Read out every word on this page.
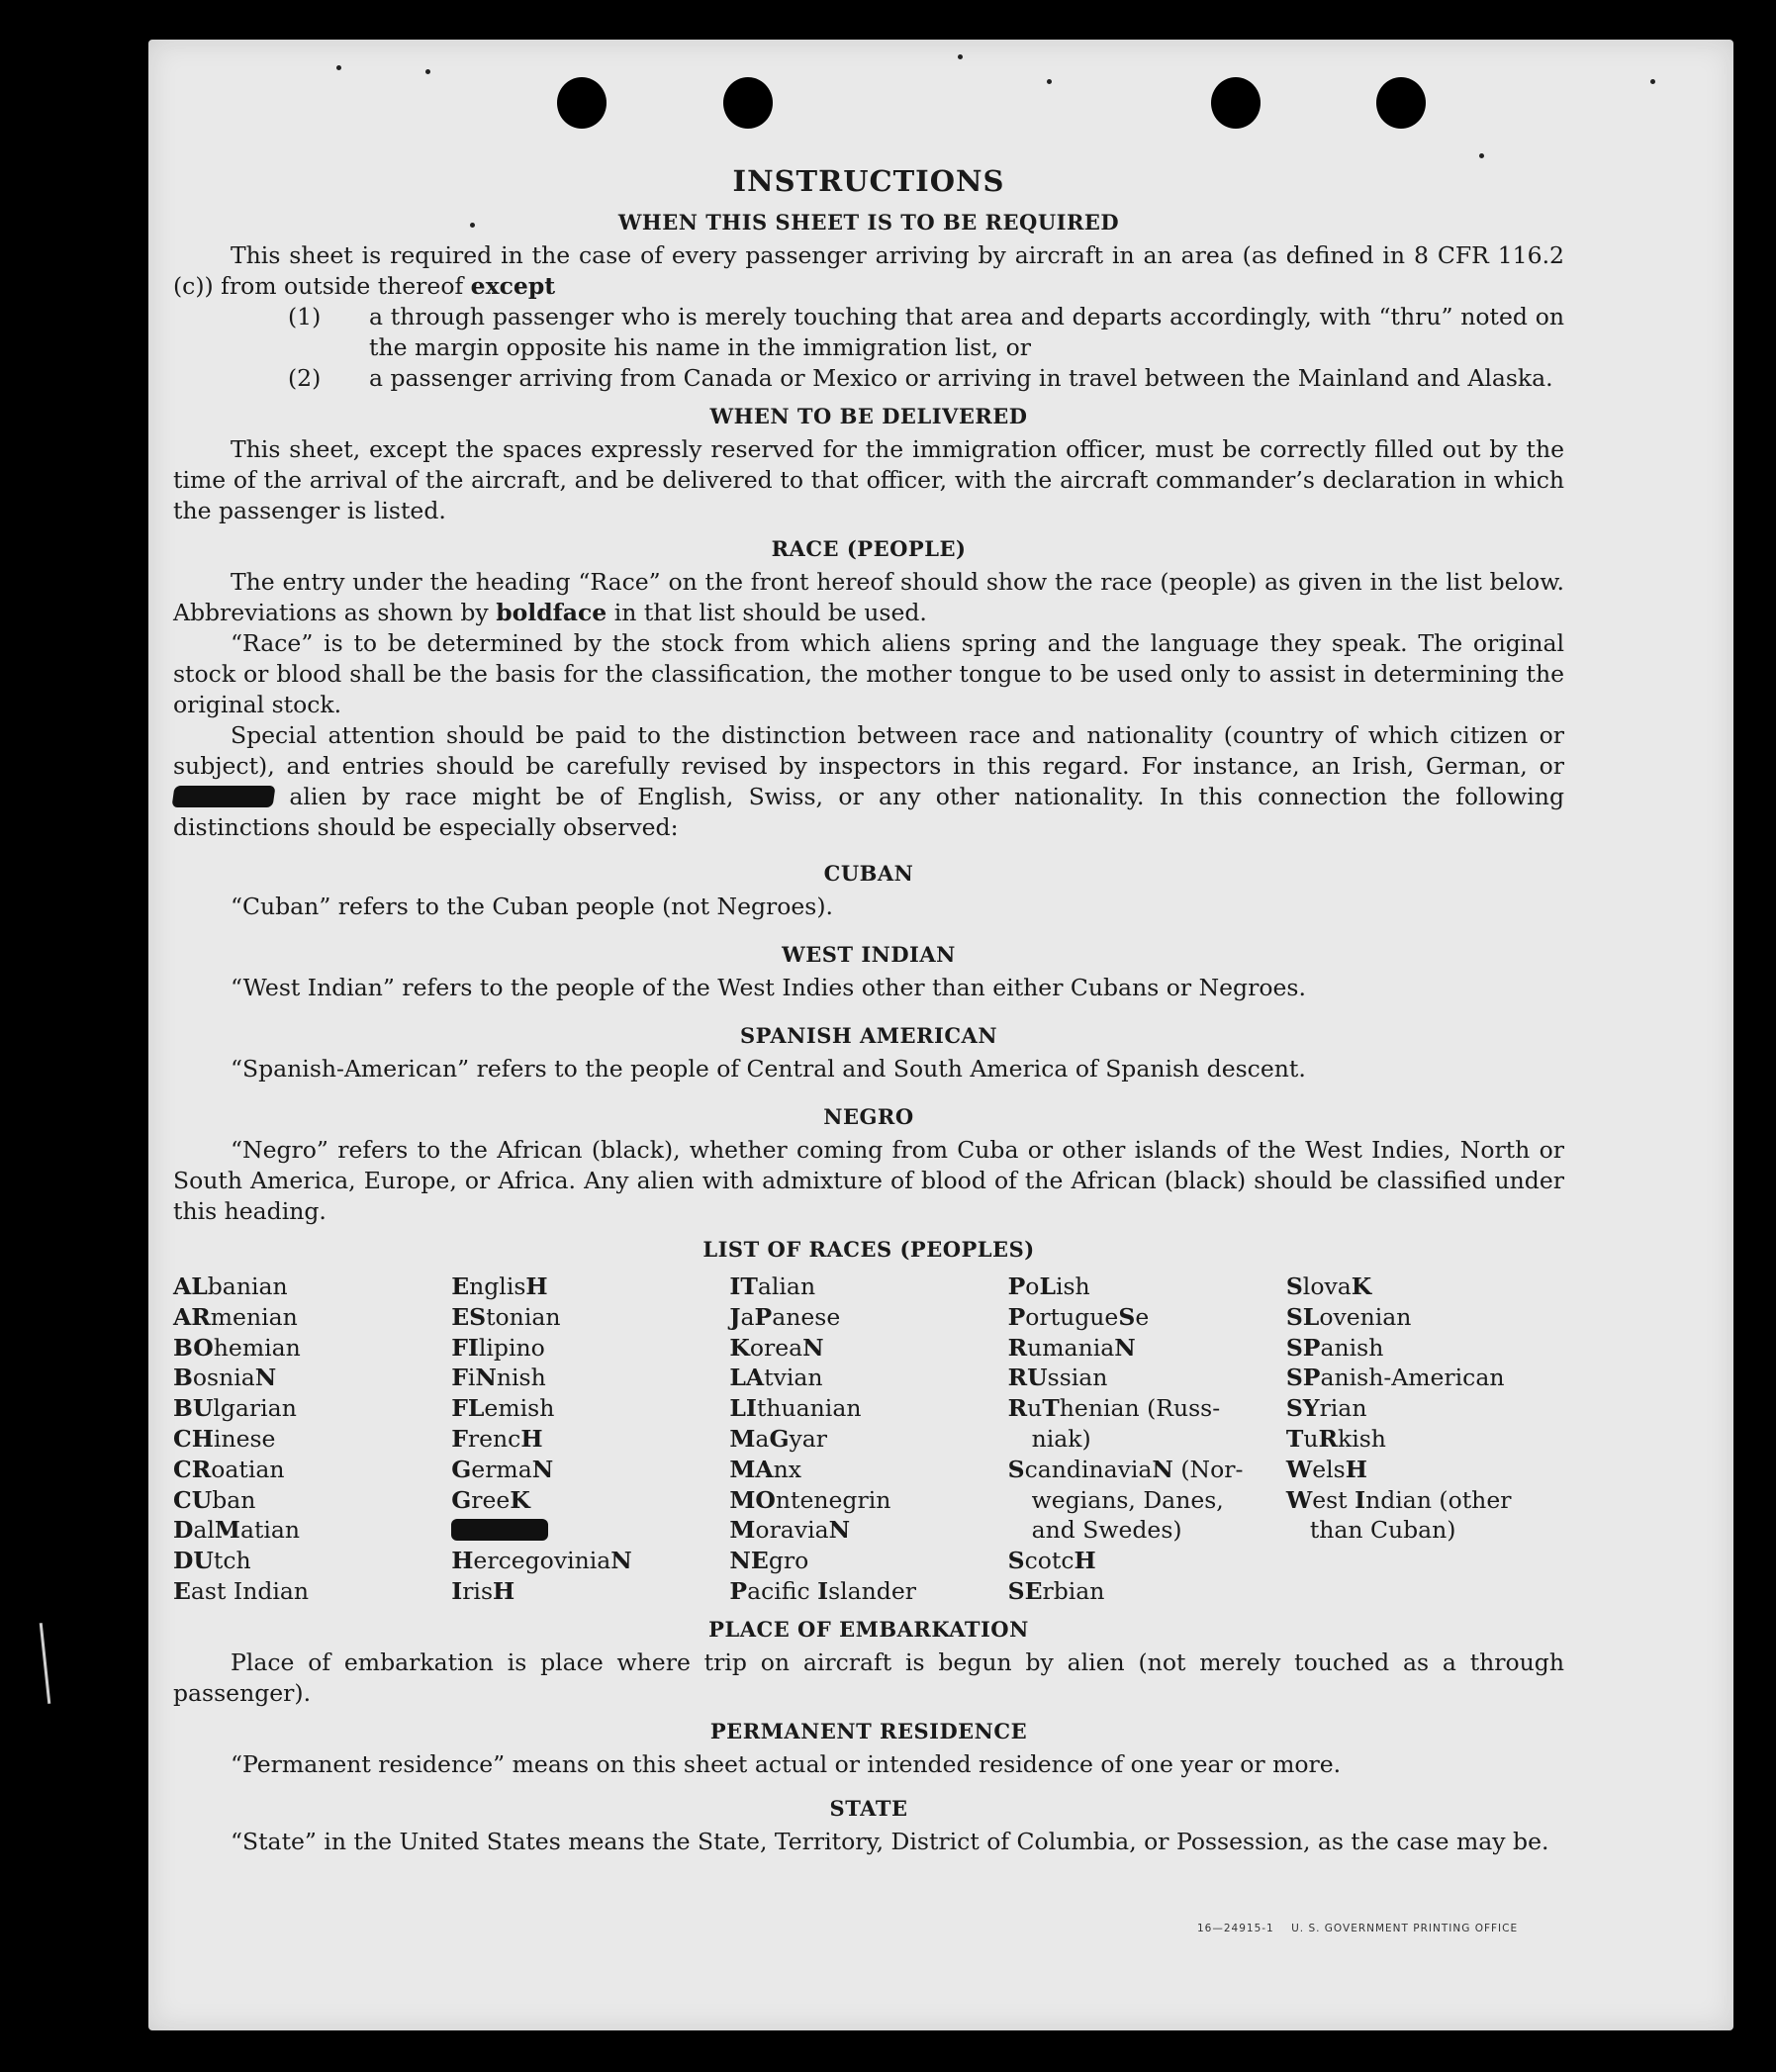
INSTRUCTIONS
WHEN THIS SHEET IS TO BE REQUIRED

This sheet is required in the case of every passenger arriving by aircraft in an area (as defined in 8 CFR 116.2 (c)) from outside thereof except

(1) a through passenger who is merely touching that area and departs accordingly, with “thru” noted on the margin opposite his name in the immigration list, or

(2) a passenger arriving from Canada or Mexico or arriving in travel between the Mainland and Alaska.

WHEN TO BE DELIVERED

This sheet, except the spaces expressly reserved for the immigration officer, must be correctly filled out by the time of the arrival of the aircraft, and be delivered to that officer, with the aircraft commander’s declaration in which the passenger is listed.

RACE (PEOPLE)

The entry under the heading “Race” on the front hereof should show the race (people) as given in the list below. Abbreviations as shown by boldface in that list should be used.

“Race” is to be determined by the stock from which aliens spring and the language they speak. The original stock or blood shall be the basis for the classification, the mother tongue to be used only to assist in determining the original stock.

Special attention should be paid to the distinction between race and nationality (country of which citizen or subject), and entries should be carefully revised by inspectors in this regard. For instance, an Irish, German, or  alien by race might be of English, Swiss, or any other nationality. In this connection the following distinctions should be especially observed:

CUBAN

“Cuban” refers to the Cuban people (not Negroes).

WEST INDIAN

“West Indian” refers to the people of the West Indies other than either Cubans or Negroes.

SPANISH AMERICAN

“Spanish-American” refers to the people of Central and South America of Spanish descent.

NEGRO

“Negro” refers to the African (black), whether coming from Cuba or other islands of the West Indies, North or South America, Europe, or Africa. Any alien with admixture of blood of the African (black) should be classified under this heading.

LIST OF RACES (PEOPLES)
ALbanian
ARmenian
BOhemian
BosniaN
BUlgarian
CHinese
CRoatian
CUban
DalMatian
DUtch
East Indian
EnglisH
EStonian
FIlipino
FiNnish
FLemish
FrencH
GermaN
GreeK
HercegoviniaN
IrisH
ITalian
JaPanese
KoreaN
LAtvian
LIthuanian
MaGyar
MAnx
MOntenegrin
MoraviaN
NEgro
Pacific Islander
PoLish
PortugueSe
RumaniaN
RUssian
RuThenian (Russ-
niak)
ScandinaviaN (Nor-
wegians, Danes,
and Swedes)
ScotcH
SErbian
SlovaK
SLovenian
SPanish
SPanish-American
SYrian
TuRkish
WelsH
West Indian (other
than Cuban)
PLACE OF EMBARKATION

Place of embarkation is place where trip on aircraft is begun by alien (not merely touched as a through passenger).

PERMANENT RESIDENCE

“Permanent residence” means on this sheet actual or intended residence of one year or more.

STATE

“State” in the United States means the State, Territory, District of Columbia, or Possession, as the case may be.

16—24915-1 U. S. GOVERNMENT PRINTING OFFICE
